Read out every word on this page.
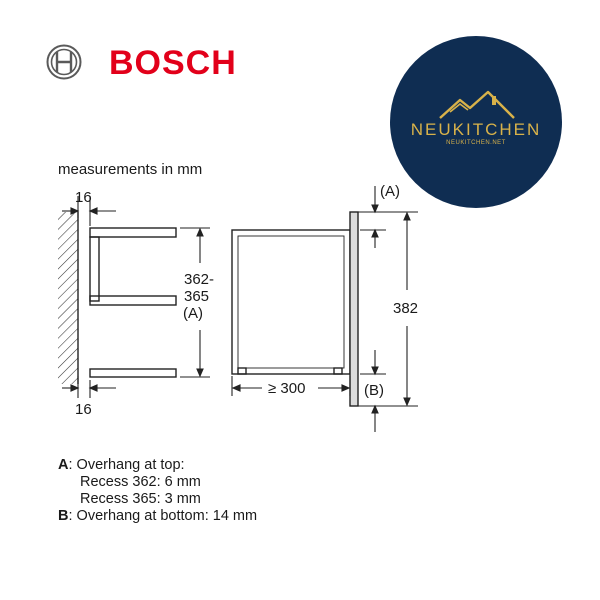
BOSCH
NEUKITCHEN
NEUKITCHEN.NET
measurements in mm
16
16
362-
365
(A)
≥ 300
(A)
(B)
382
A: Overhang at top:
Recess 362: 6 mm
Recess 365: 3 mm
B: Overhang at bottom: 14 mm
